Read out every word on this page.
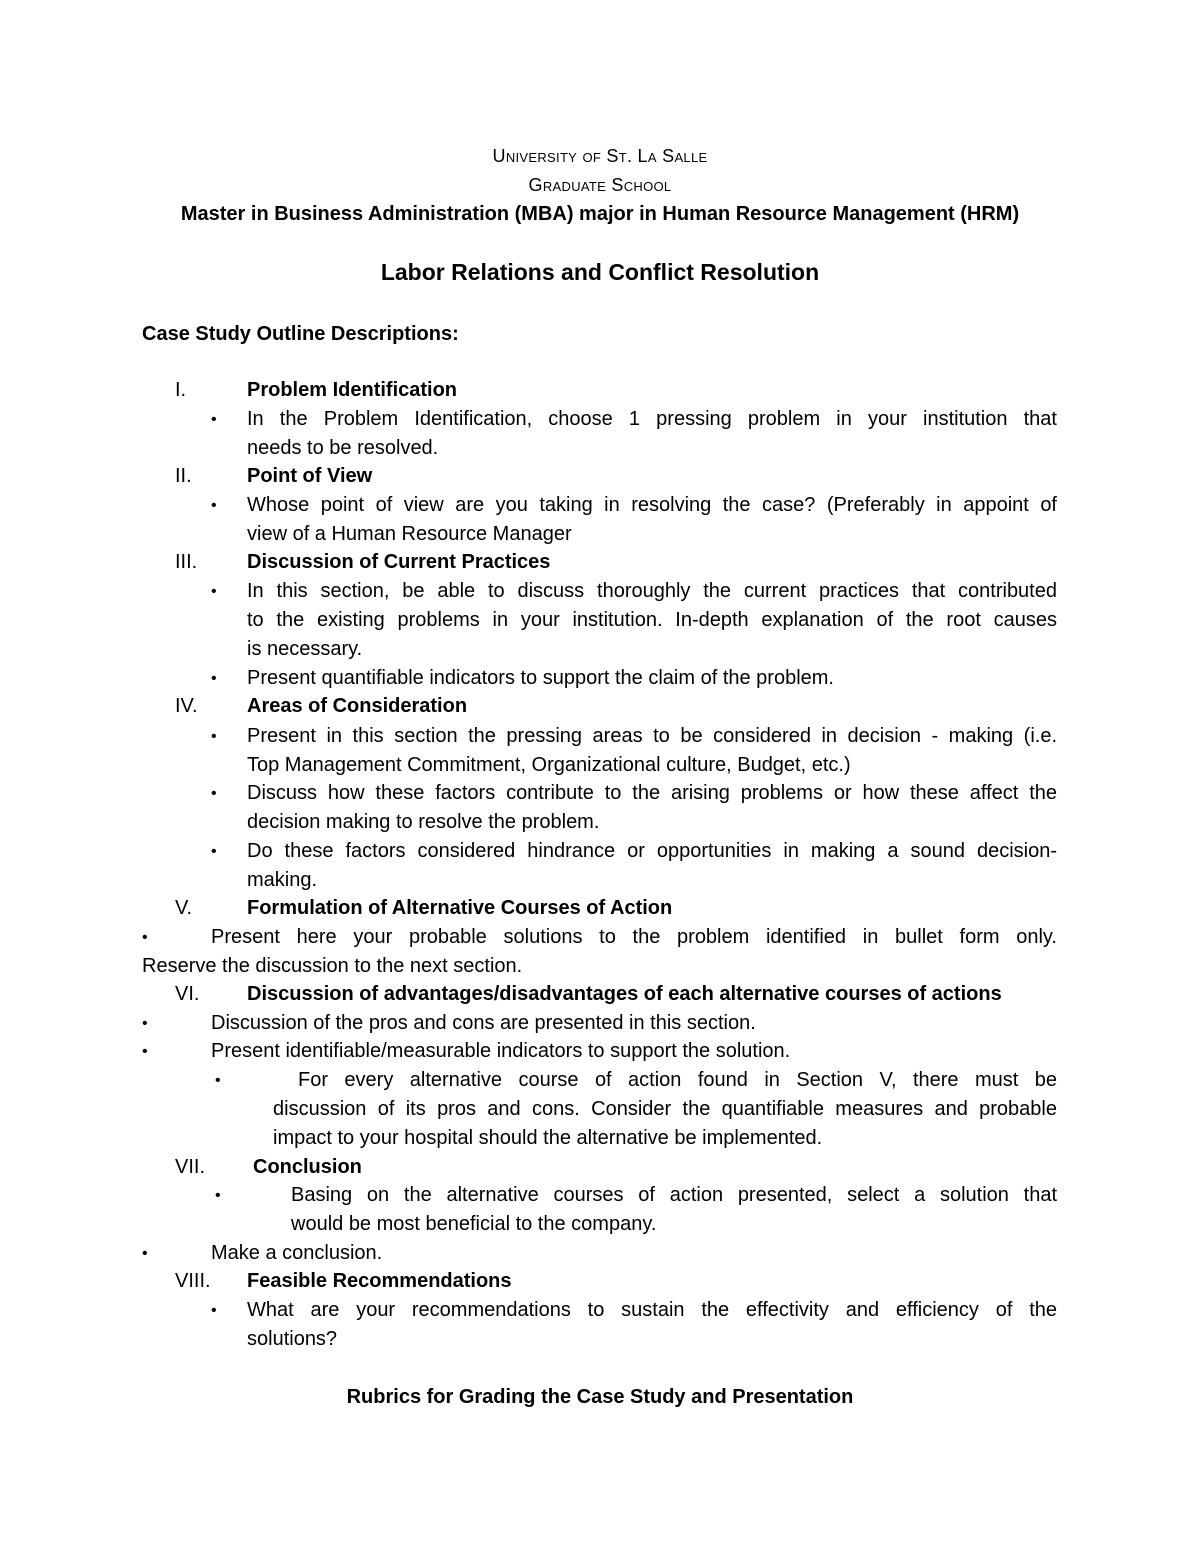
University of St. La Salle
Graduate School
Master in Business Administration (MBA) major in Human Resource Management (HRM)
Labor Relations and Conflict Resolution
Case Study Outline Descriptions:
I.	Problem Identification
• In the Problem Identification, choose 1 pressing problem in your institution that
needs to be resolved.
II.	Point of View
• Whose point of view are you taking in resolving the case? (Preferably in appoint of
view of a Human Resource Manager
III. Discussion of Current Practices
• In this section, be able to discuss thoroughly the current practices that contributed
to the existing problems in your institution. In-depth explanation of the root causes
is necessary.
• Present quantifiable indicators to support the claim of the problem.
IV. Areas of Consideration
• Present in this section the pressing areas to be considered in decision - making (i.e.
Top Management Commitment, Organizational culture, Budget, etc.)
• Discuss how these factors contribute to the arising problems or how these affect the
decision making to resolve the problem.
• Do these factors considered hindrance or opportunities in making a sound decision-
making.
V.	Formulation of Alternative Courses of Action
•	Present here your probable solutions to the problem identified in bullet form only.
Reserve the discussion to the next section.
VI. Discussion of advantages/disadvantages of each alternative courses of actions
•	Discussion of the pros and cons are presented in this section.
•	Present identifiable/measurable indicators to support the solution.
•	For every alternative course of action found in Section V, there must be
discussion of its pros and cons. Consider the quantifiable measures and probable
impact to your hospital should the alternative be implemented.
VII. Conclusion
•	Basing on the alternative courses of action presented, select a solution that
would be most beneficial to the company.
•	Make a conclusion.
VIII. Feasible Recommendations
• What are your recommendations to sustain the effectivity and efficiency of the
solutions?
Rubrics for Grading the Case Study and Presentation
